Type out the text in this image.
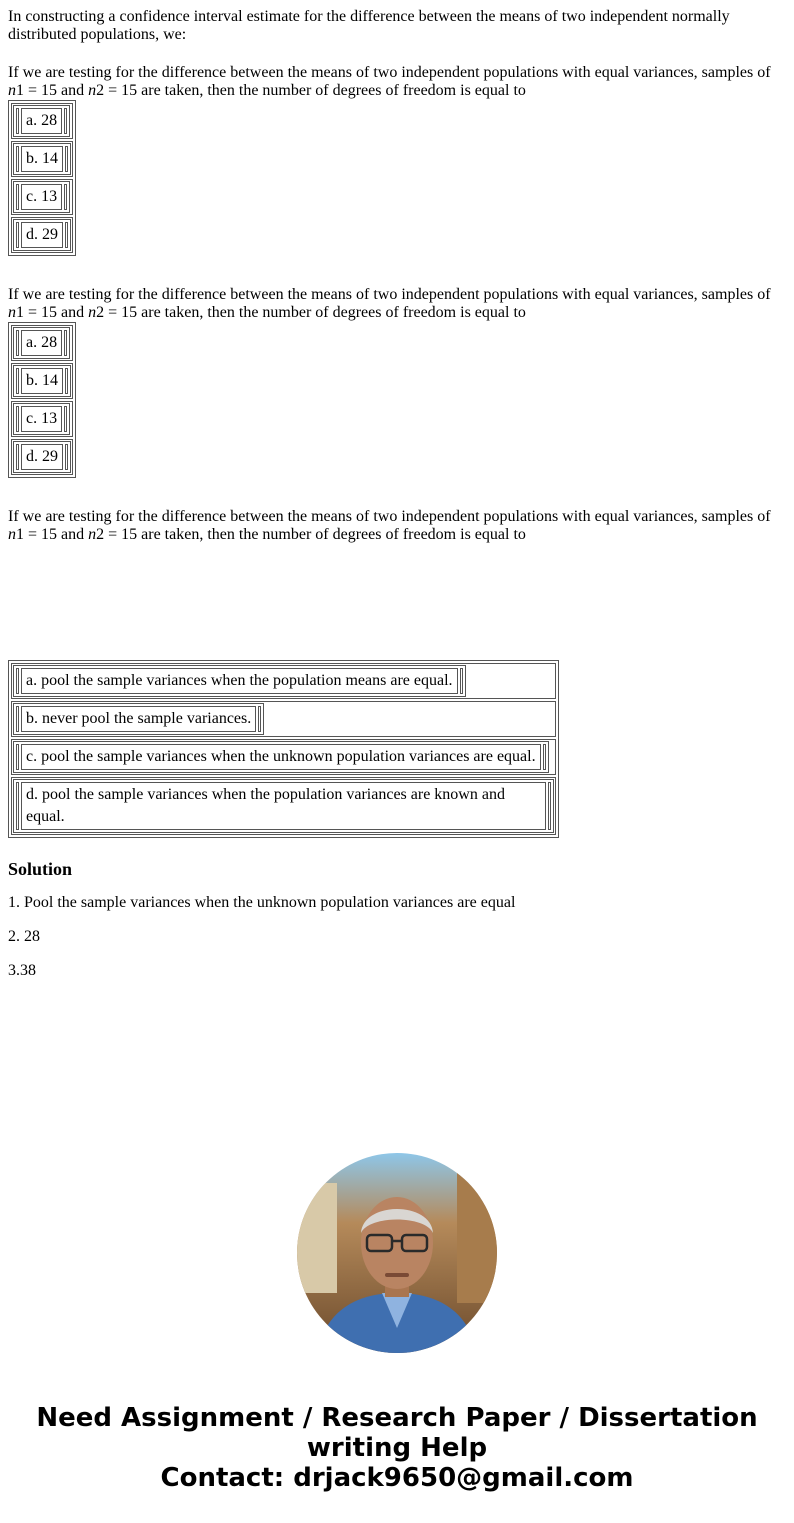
In constructing a confidence interval estimate for the difference between the means of two independent normally distributed populations, we:

If we are testing for the difference between the means of two independent populations with equal variances, samples of n1 = 15 and n2 = 15 are taken, then the number of degrees of freedom is equal to

	a. 28	

	b. 14	

	c. 13	

	d. 29	

If we are testing for the difference between the means of two independent populations with equal variances, samples of n1 = 15 and n2 = 15 are taken, then the number of degrees of freedom is equal to

	a. 28	

	b. 14	

	c. 13	

	d. 29	

If we are testing for the difference between the means of two independent populations with equal variances, samples of n1 = 15 and n2 = 15 are taken, then the number of degrees of freedom is equal to

	a. pool the sample variances when the population means are equal.	

	b. never pool the sample variances.	

	c. pool the sample variances when the unknown population variances are equal.	

	d. pool the sample variances when the population variances are known and equal.	
Solution

1. Pool the sample variances when the unknown population variances are equal

2. 28

3.38

Need Assignment / Research Paper / Dissertation
writing Help
Contact: drjack9650@gmail.com
